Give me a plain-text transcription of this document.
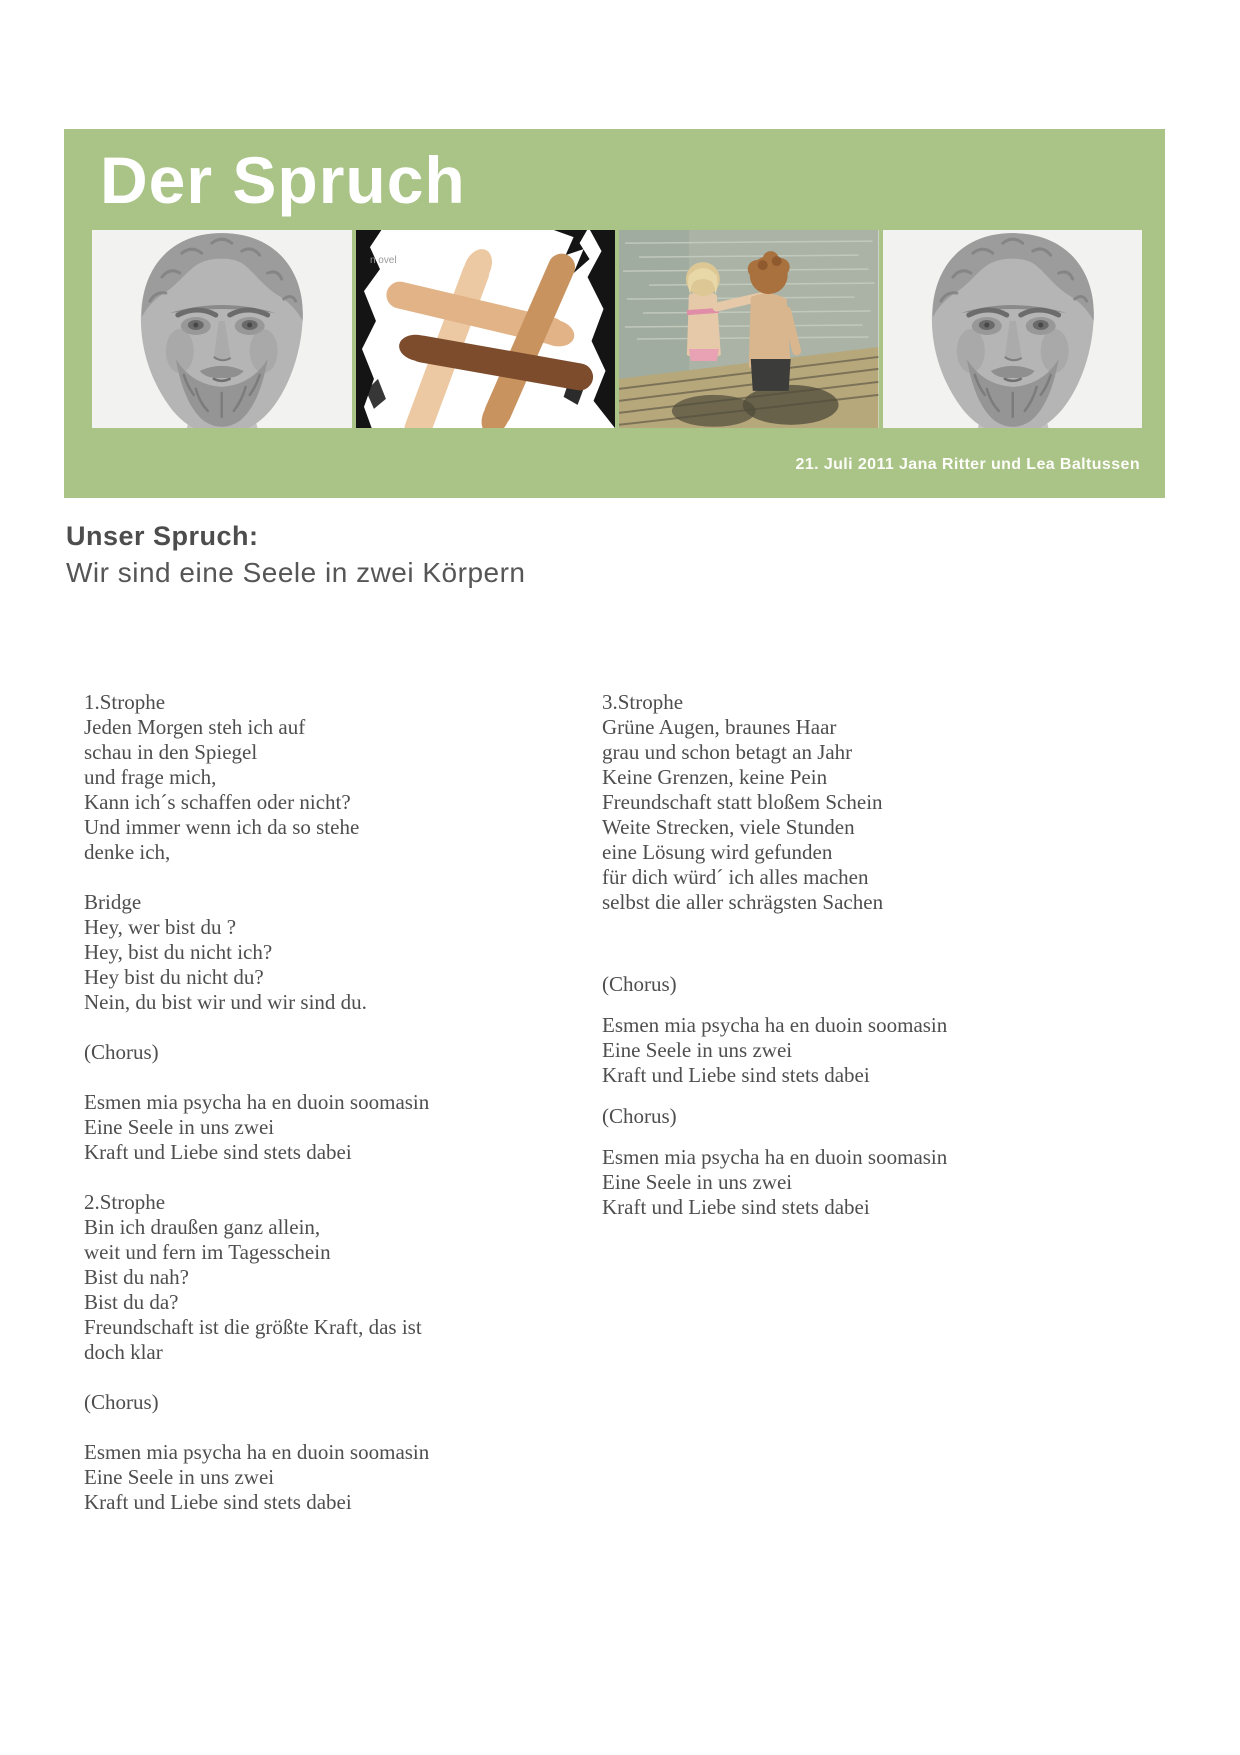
Der Spruch
n ovel
21. Juli 2011 Jana Ritter und Lea Baltussen
Unser Spruch:

Wir sind eine Seele in zwei Körpern

1.Strophe
Jeden Morgen steh ich auf
schau in den Spiegel
und frage mich,
Kann ich´s schaffen oder nicht?
Und immer wenn ich da so stehe
denke ich,
Bridge
Hey, wer bist du ?
Hey, bist du nicht ich?
Hey bist du nicht du?
Nein, du bist wir und wir sind du.
(Chorus)
Esmen mia psycha ha en duoin soomasin
Eine Seele in uns zwei
Kraft und Liebe sind stets dabei
2.Strophe
Bin ich draußen ganz allein,
weit und fern im Tagesschein
Bist du nah?
Bist du da?
Freundschaft ist die größte Kraft, das ist
doch klar
(Chorus)
Esmen mia psycha ha en duoin soomasin
Eine Seele in uns zwei
Kraft und Liebe sind stets dabei
3.Strophe
Grüne Augen, braunes Haar
grau und schon betagt an Jahr
Keine Grenzen, keine Pein
Freundschaft statt bloßem Schein
Weite Strecken, viele Stunden
eine Lösung wird gefunden
für dich würd´ ich alles machen
selbst die aller schrägsten Sachen
(Chorus)
Esmen mia psycha ha en duoin soomasin
Eine Seele in uns zwei
Kraft und Liebe sind stets dabei
(Chorus)
Esmen mia psycha ha en duoin soomasin
Eine Seele in uns zwei
Kraft und Liebe sind stets dabei
